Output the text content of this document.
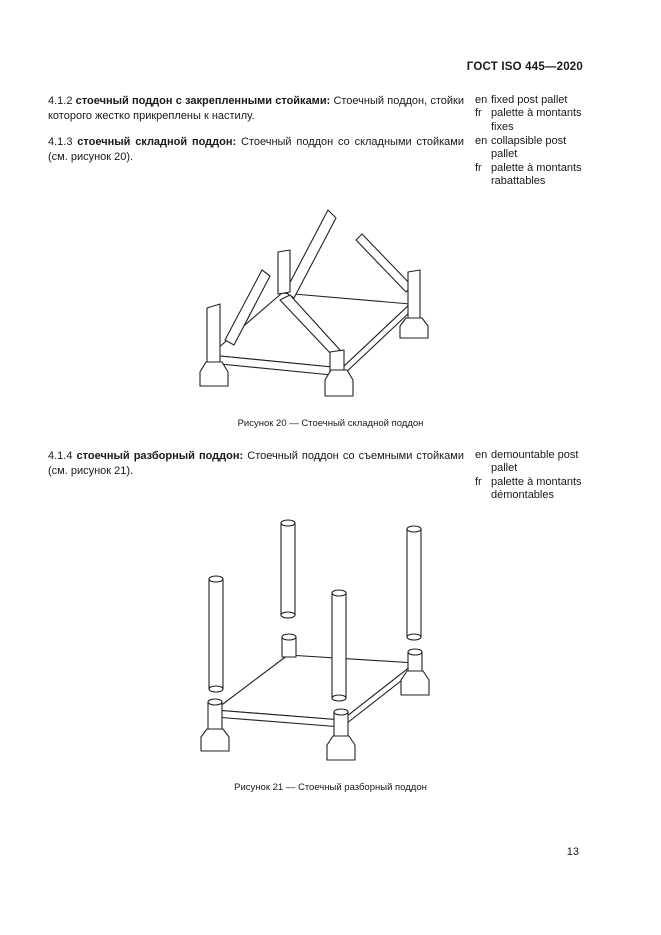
ГОСТ ISO 445—2020
4.1.2 стоечный поддон с закрепленными стойками: Стоечный поддон, стойки которого жестко прикреплены к настилу.
en fixed post pallet
fr palette à montants
fixes
4.1.3 стоечный складной поддон: Стоечный поддон со складными стойками (см. рисунок 20).
en collapsible post
pallet
fr palette à montants
rabattables
Рисунок 20 — Стоечный складной поддон
4.1.4 стоечный разборный поддон: Стоечный поддон со съемными стойками (см. рисунок 21).
en demountable post
pallet
fr palette à montants
démontables
Рисунок 21 — Стоечный разборный поддон
13
